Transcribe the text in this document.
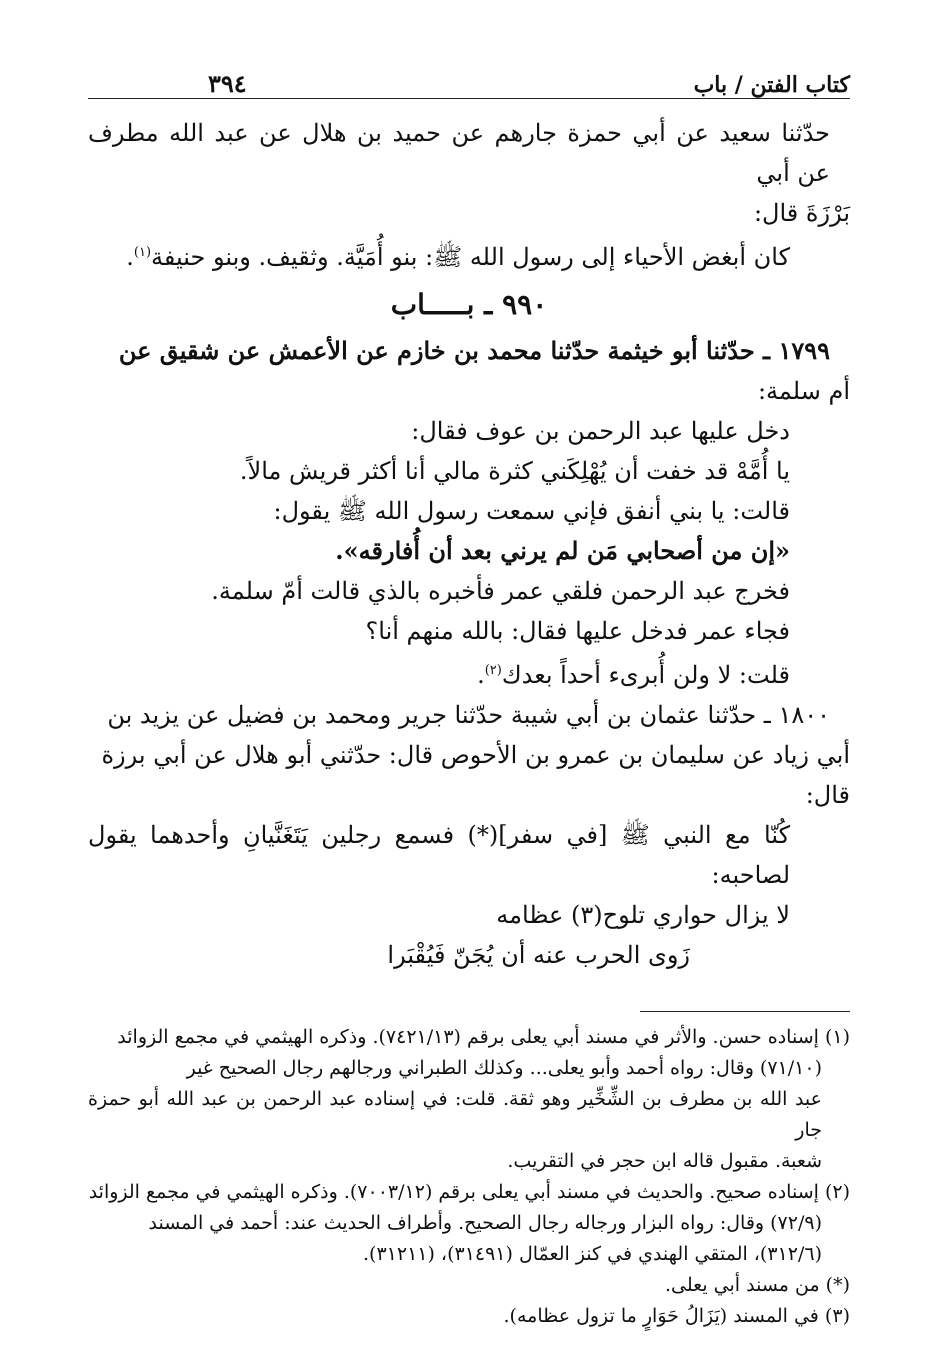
كتاب الفتن / باب
٣٩٤

حدّثنا سعيد عن أبي حمزة جارهم عن حميد بن هلال عن عبد الله مطرف عن أبي

بَرْزَةَ قال:

كان أبغض الأحياء إلى رسول الله ﷺ: بنو أُمَيَّة. وثقيف. وبنو حنيفة$^{(١)}$.

٩٩٠ ـ بـــــاب

١٧٩٩ ـ حدّثنا أبو خيثمة حدّثنا محمد بن خازم عن الأعمش عن شقيق عن

أم سلمة:

دخل عليها عبد الرحمن بن عوف فقال:

يا أُمَّهْ قد خفت أن يُهْلِكَني كثرة مالي أنا أكثر قريش مالاً.

قالت: يا بني أنفق فإني سمعت رسول الله ﷺ يقول:

«إن من أصحابي مَن لم يرني بعد أن أُفارقه».

فخرج عبد الرحمن فلقي عمر فأخبره بالذي قالت أمّ سلمة.

فجاء عمر فدخل عليها فقال: بالله منهم أنا؟

قلت: لا ولن أُبرىء أحداً بعدك$^{(٢)}$.

١٨٠٠ ـ حدّثنا عثمان بن أبي شيبة حدّثنا جرير ومحمد بن فضيل عن يزيد بن

أبي زياد عن سليمان بن عمرو بن الأحوص قال: حدّثني أبو هلال عن أبي برزة

قال:

كُنّا مع النبي ﷺ [في سفر](*) فسمع رجلين يَتَغَنَّيانِ وأحدهما يقول لصاحبه:

لا يزال حواري تلوح(٣) عظامه

زَوى الحرب عنه أن يُجَنّ فَيُقْبَرا

(١) إسناده حسن. والأثر في مسند أبي يعلى برقم (٧٤٢١/١٣). وذكره الهيثمي في مجمع الزوائد

(٧١/١٠) وقال: رواه أحمد وأبو يعلى... وكذلك الطبراني ورجالهم رجال الصحيح غير

عبد الله بن مطرف بن الشِّخِّير وهو ثقة. قلت: في إسناده عبد الرحمن بن عبد الله أبو حمزة جار

شعبة. مقبول قاله ابن حجر في التقريب.

(٢) إسناده صحيح. والحديث في مسند أبي يعلى برقم (٧٠٠٣/١٢). وذكره الهيثمي في مجمع الزوائد

(٧٢/٩) وقال: رواه البزار ورجاله رجال الصحيح. وأطراف الحديث عند: أحمد في المسند

(٣١٢/٦)، المتقي الهندي في كنز العمّال (٣١٤٩١)، (٣١٢١١).

(*) من مسند أبي يعلى.

(٣) في المسند (يَزَالُ حَوَارٍ ما تزول عظامه).
